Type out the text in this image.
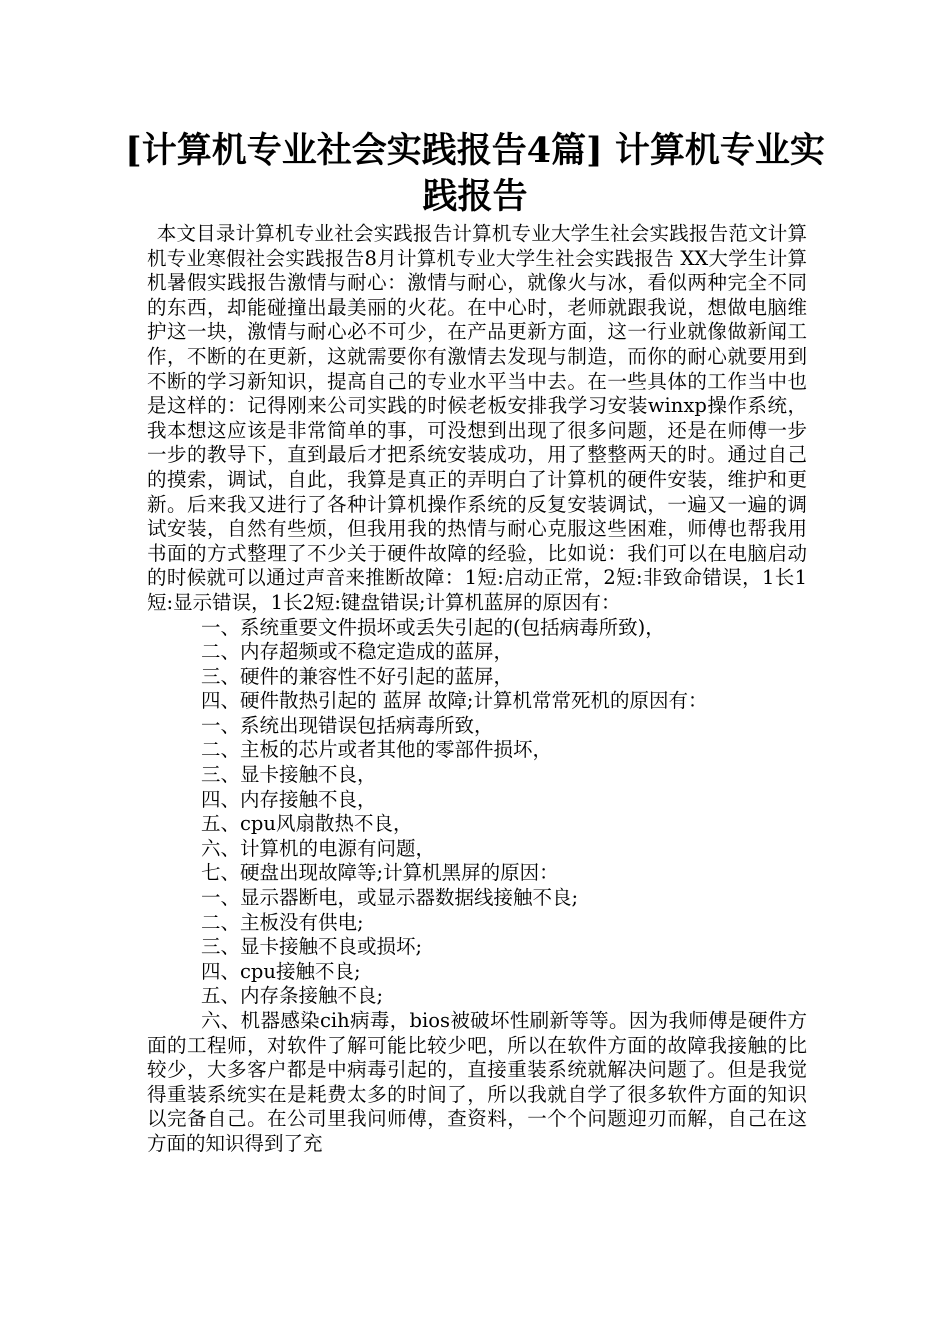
[计算机专业社会实践报告4篇] 计算机专业实践报告

本文目录计算机专业社会实践报告计算机专业大学生社会实践报告范文计算机专业寒假社会实践报告8月计算机专业大学生社会实践报告 XX大学生计算机暑假实践报告激情与耐心：激情与耐心，就像火与冰，看似两种完全不同的东西，却能碰撞出最美丽的火花。在中心时，老师就跟我说，想做电脑维护这一块，激情与耐心必不可少，在产品更新方面，这一行业就像做新闻工作，不断的在更新，这就需要你有激情去发现与制造，而你的耐心就要用到不断的学习新知识，提高自己的专业水平当中去。在一些具体的工作当中也是这样的：记得刚来公司实践的时候老板安排我学习安装winxp操作系统，我本想这应该是非常简单的事，可没想到出现了很多问题，还是在师傅一步一步的教导下，直到最后才把系统安装成功，用了整整两天的时。通过自己的摸索，调试，自此，我算是真正的弄明白了计算机的硬件安装，维护和更新。后来我又进行了各种计算机操作系统的反复安装调试，一遍又一遍的调试安装，自然有些烦，但我用我的热情与耐心克服这些困难，师傅也帮我用书面的方式整理了不少关于硬件故障的经验，比如说：我们可以在电脑启动的时候就可以通过声音来推断故障：1短:启动正常，2短:非致命错误，1长1短:显示错误，1长2短:键盘错误;计算机蓝屏的原因有：

一、系统重要文件损坏或丢失引起的(包括病毒所致)，

二、内存超频或不稳定造成的蓝屏，

三、硬件的兼容性不好引起的蓝屏，

四、硬件散热引起的 蓝屏 故障;计算机常常死机的原因有：

一、系统出现错误包括病毒所致，

二、主板的芯片或者其他的零部件损坏，

三、显卡接触不良，

四、内存接触不良，

五、cpu风扇散热不良，

六、计算机的电源有问题，

七、硬盘出现故障等;计算机黑屏的原因：

一、显示器断电，或显示器数据线接触不良;

二、主板没有供电;

三、显卡接触不良或损坏;

四、cpu接触不良;

五、内存条接触不良;

六、机器感染cih病毒，bios被破坏性刷新等等。因为我师傅是硬件方面的工程师，对软件了解可能比较少吧，所以在软件方面的故障我接触的比较少，大多客户都是中病毒引起的，直接重装系统就解决问题了。但是我觉得重装系统实在是耗费太多的时间了，所以我就自学了很多软件方面的知识以完备自己。在公司里我问师傅，查资料，一个个问题迎刃而解，自己在这方面的知识得到了充
